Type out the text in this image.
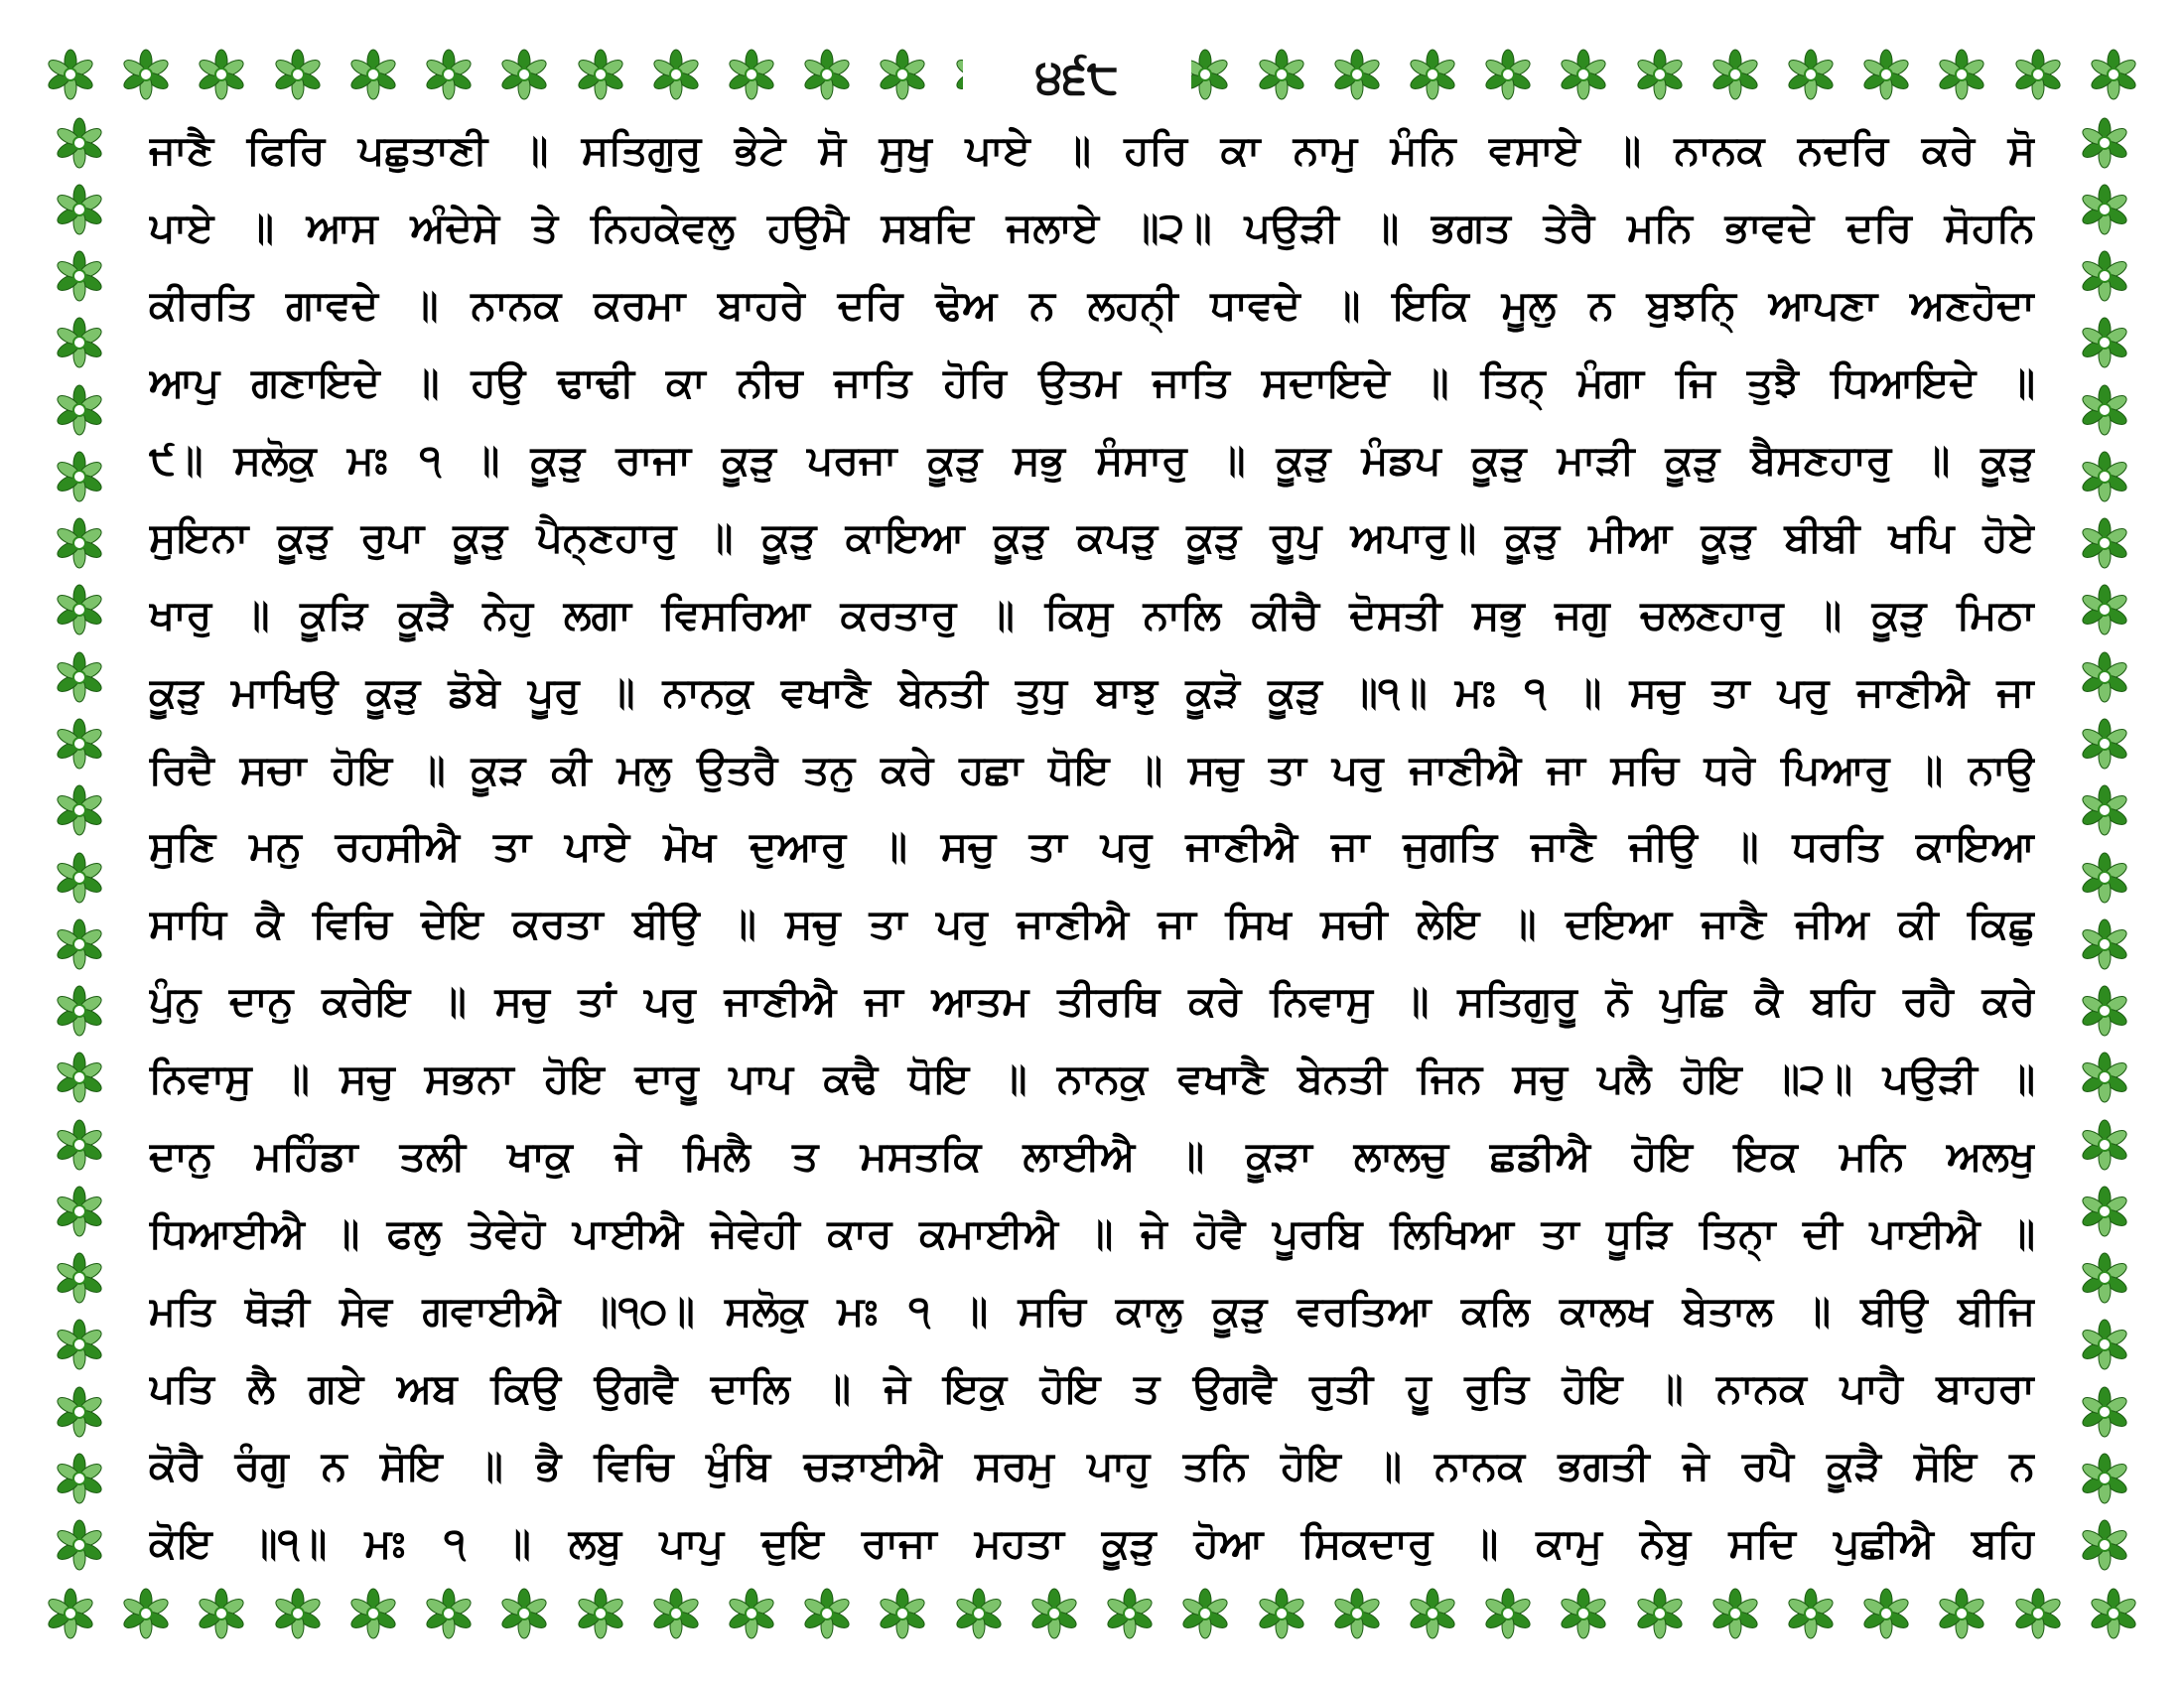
੪੬੮
ਜਾਣੈ ਫਿਰਿ ਪਛੁਤਾਣੀ ॥ ਸਤਿਗੁਰੁ ਭੇਟੇ ਸੋ ਸੁਖੁ ਪਾਏ ॥ ਹਰਿ ਕਾ ਨਾਮੁ ਮੰਨਿ ਵਸਾਏ ॥ ਨਾਨਕ ਨਦਰਿ ਕਰੇ ਸੋ
ਪਾਏ ॥ ਆਸ ਅੰਦੇਸੇ ਤੇ ਨਿਹਕੇਵਲੁ ਹਉਮੈ ਸਬਦਿ ਜਲਾਏ ॥੨॥ ਪਉੜੀ ॥ ਭਗਤ ਤੇਰੈ ਮਨਿ ਭਾਵਦੇ ਦਰਿ ਸੋਹਨਿ
ਕੀਰਤਿ ਗਾਵਦੇ ॥ ਨਾਨਕ ਕਰਮਾ ਬਾਹਰੇ ਦਰਿ ਢੋਅ ਨ ਲਹਨੀ੍ ਧਾਵਦੇ ॥ ਇਕਿ ਮੂਲੁ ਨ ਬੁਝਨਿ੍ ਆਪਣਾ ਅਣਹੋਦਾ
ਆਪੁ ਗਣਾਇਦੇ ॥ ਹਉ ਢਾਢੀ ਕਾ ਨੀਚ ਜਾਤਿ ਹੋਰਿ ਉਤਮ ਜਾਤਿ ਸਦਾਇਦੇ ॥ ਤਿਨ੍ ਮੰਗਾ ਜਿ ਤੁਝੈ ਧਿਆਇਦੇ ॥
੯॥ ਸਲੋਕੁ ਮਃ ੧ ॥ ਕੂੜੁ ਰਾਜਾ ਕੂੜੁ ਪਰਜਾ ਕੂੜੁ ਸਭੁ ਸੰਸਾਰੁ ॥ ਕੂੜੁ ਮੰਡਪ ਕੂੜੁ ਮਾੜੀ ਕੂੜੁ ਬੈਸਣਹਾਰੁ ॥ ਕੂੜੁ
ਸੁਇਨਾ ਕੂੜੁ ਰੁਪਾ ਕੂੜੁ ਪੈਨ੍ਣਹਾਰੁ ॥ ਕੂੜੁ ਕਾਇਆ ਕੂੜੁ ਕਪੜੁ ਕੂੜੁ ਰੂਪੁ ਅਪਾਰੁ॥ ਕੂੜੁ ਮੀਆ ਕੂੜੁ ਬੀਬੀ ਖਪਿ ਹੋਏ
ਖਾਰੁ ॥ ਕੂੜਿ ਕੂੜੈ ਨੇਹੁ ਲਗਾ ਵਿਸਰਿਆ ਕਰਤਾਰੁ ॥ ਕਿਸੁ ਨਾਲਿ ਕੀਚੈ ਦੋਸਤੀ ਸਭੁ ਜਗੁ ਚਲਣਹਾਰੁ ॥ ਕੂੜੁ ਮਿਠਾ
ਕੂੜੁ ਮਾਖਿਉ ਕੂੜੁ ਡੋਬੇ ਪੂਰੁ ॥ ਨਾਨਕੁ ਵਖਾਣੈ ਬੇਨਤੀ ਤੁਧੁ ਬਾਝੁ ਕੂੜੋ ਕੂੜੁ ॥੧॥ ਮਃ ੧ ॥ ਸਚੁ ਤਾ ਪਰੁ ਜਾਣੀਐ ਜਾ
ਰਿਦੈ ਸਚਾ ਹੋਇ ॥ ਕੂੜ ਕੀ ਮਲੁ ਉਤਰੈ ਤਨੁ ਕਰੇ ਹਛਾ ਧੋਇ ॥ ਸਚੁ ਤਾ ਪਰੁ ਜਾਣੀਐ ਜਾ ਸਚਿ ਧਰੇ ਪਿਆਰੁ ॥ ਨਾਉ
ਸੁਣਿ ਮਨੁ ਰਹਸੀਐ ਤਾ ਪਾਏ ਮੋਖ ਦੁਆਰੁ ॥ ਸਚੁ ਤਾ ਪਰੁ ਜਾਣੀਐ ਜਾ ਜੁਗਤਿ ਜਾਣੈ ਜੀਉ ॥ ਧਰਤਿ ਕਾਇਆ
ਸਾਧਿ ਕੈ ਵਿਚਿ ਦੇਇ ਕਰਤਾ ਬੀਉ ॥ ਸਚੁ ਤਾ ਪਰੁ ਜਾਣੀਐ ਜਾ ਸਿਖ ਸਚੀ ਲੇਇ ॥ ਦਇਆ ਜਾਣੈ ਜੀਅ ਕੀ ਕਿਛੁ
ਪੁੰਨੁ ਦਾਨੁ ਕਰੇਇ ॥ ਸਚੁ ਤਾਂ ਪਰੁ ਜਾਣੀਐ ਜਾ ਆਤਮ ਤੀਰਥਿ ਕਰੇ ਨਿਵਾਸੁ ॥ ਸਤਿਗੁਰੂ ਨੋ ਪੁਛਿ ਕੈ ਬਹਿ ਰਹੈ ਕਰੇ
ਨਿਵਾਸੁ ॥ ਸਚੁ ਸਭਨਾ ਹੋਇ ਦਾਰੂ ਪਾਪ ਕਢੈ ਧੋਇ ॥ ਨਾਨਕੁ ਵਖਾਣੈ ਬੇਨਤੀ ਜਿਨ ਸਚੁ ਪਲੈ ਹੋਇ ॥੨॥ ਪਉੜੀ ॥
ਦਾਨੁ ਮਹਿੰਡਾ ਤਲੀ ਖਾਕੁ ਜੇ ਮਿਲੈ ਤ ਮਸਤਕਿ ਲਾਈਐ ॥ ਕੂੜਾ ਲਾਲਚੁ ਛਡੀਐ ਹੋਇ ਇਕ ਮਨਿ ਅਲਖੁ
ਧਿਆਈਐ ॥ ਫਲੁ ਤੇਵੇਹੋ ਪਾਈਐ ਜੇਵੇਹੀ ਕਾਰ ਕਮਾਈਐ ॥ ਜੇ ਹੋਵੈ ਪੂਰਬਿ ਲਿਖਿਆ ਤਾ ਧੂੜਿ ਤਿਨਾ੍ ਦੀ ਪਾਈਐ ॥
ਮਤਿ ਥੋੜੀ ਸੇਵ ਗਵਾਈਐ ॥੧੦॥ ਸਲੋਕੁ ਮਃ ੧ ॥ ਸਚਿ ਕਾਲੁ ਕੂੜੁ ਵਰਤਿਆ ਕਲਿ ਕਾਲਖ ਬੇਤਾਲ ॥ ਬੀਉ ਬੀਜਿ
ਪਤਿ ਲੈ ਗਏ ਅਬ ਕਿਉ ਉਗਵੈ ਦਾਲਿ ॥ ਜੇ ਇਕੁ ਹੋਇ ਤ ਉਗਵੈ ਰੁਤੀ ਹੂ ਰੁਤਿ ਹੋਇ ॥ ਨਾਨਕ ਪਾਹੈ ਬਾਹਰਾ
ਕੋਰੈ ਰੰਗੁ ਨ ਸੋਇ ॥ ਭੈ ਵਿਚਿ ਖੁੰਬਿ ਚੜਾਈਐ ਸਰਮੁ ਪਾਹੁ ਤਨਿ ਹੋਇ ॥ ਨਾਨਕ ਭਗਤੀ ਜੇ ਰਪੈ ਕੂੜੈ ਸੋਇ ਨ
ਕੋਇ ॥੧॥ ਮਃ ੧ ॥ ਲਬੁ ਪਾਪੁ ਦੁਇ ਰਾਜਾ ਮਹਤਾ ਕੂੜੁ ਹੋਆ ਸਿਕਦਾਰੁ ॥ ਕਾਮੁ ਨੇਬੁ ਸਦਿ ਪੁਛੀਐ ਬਹਿ
